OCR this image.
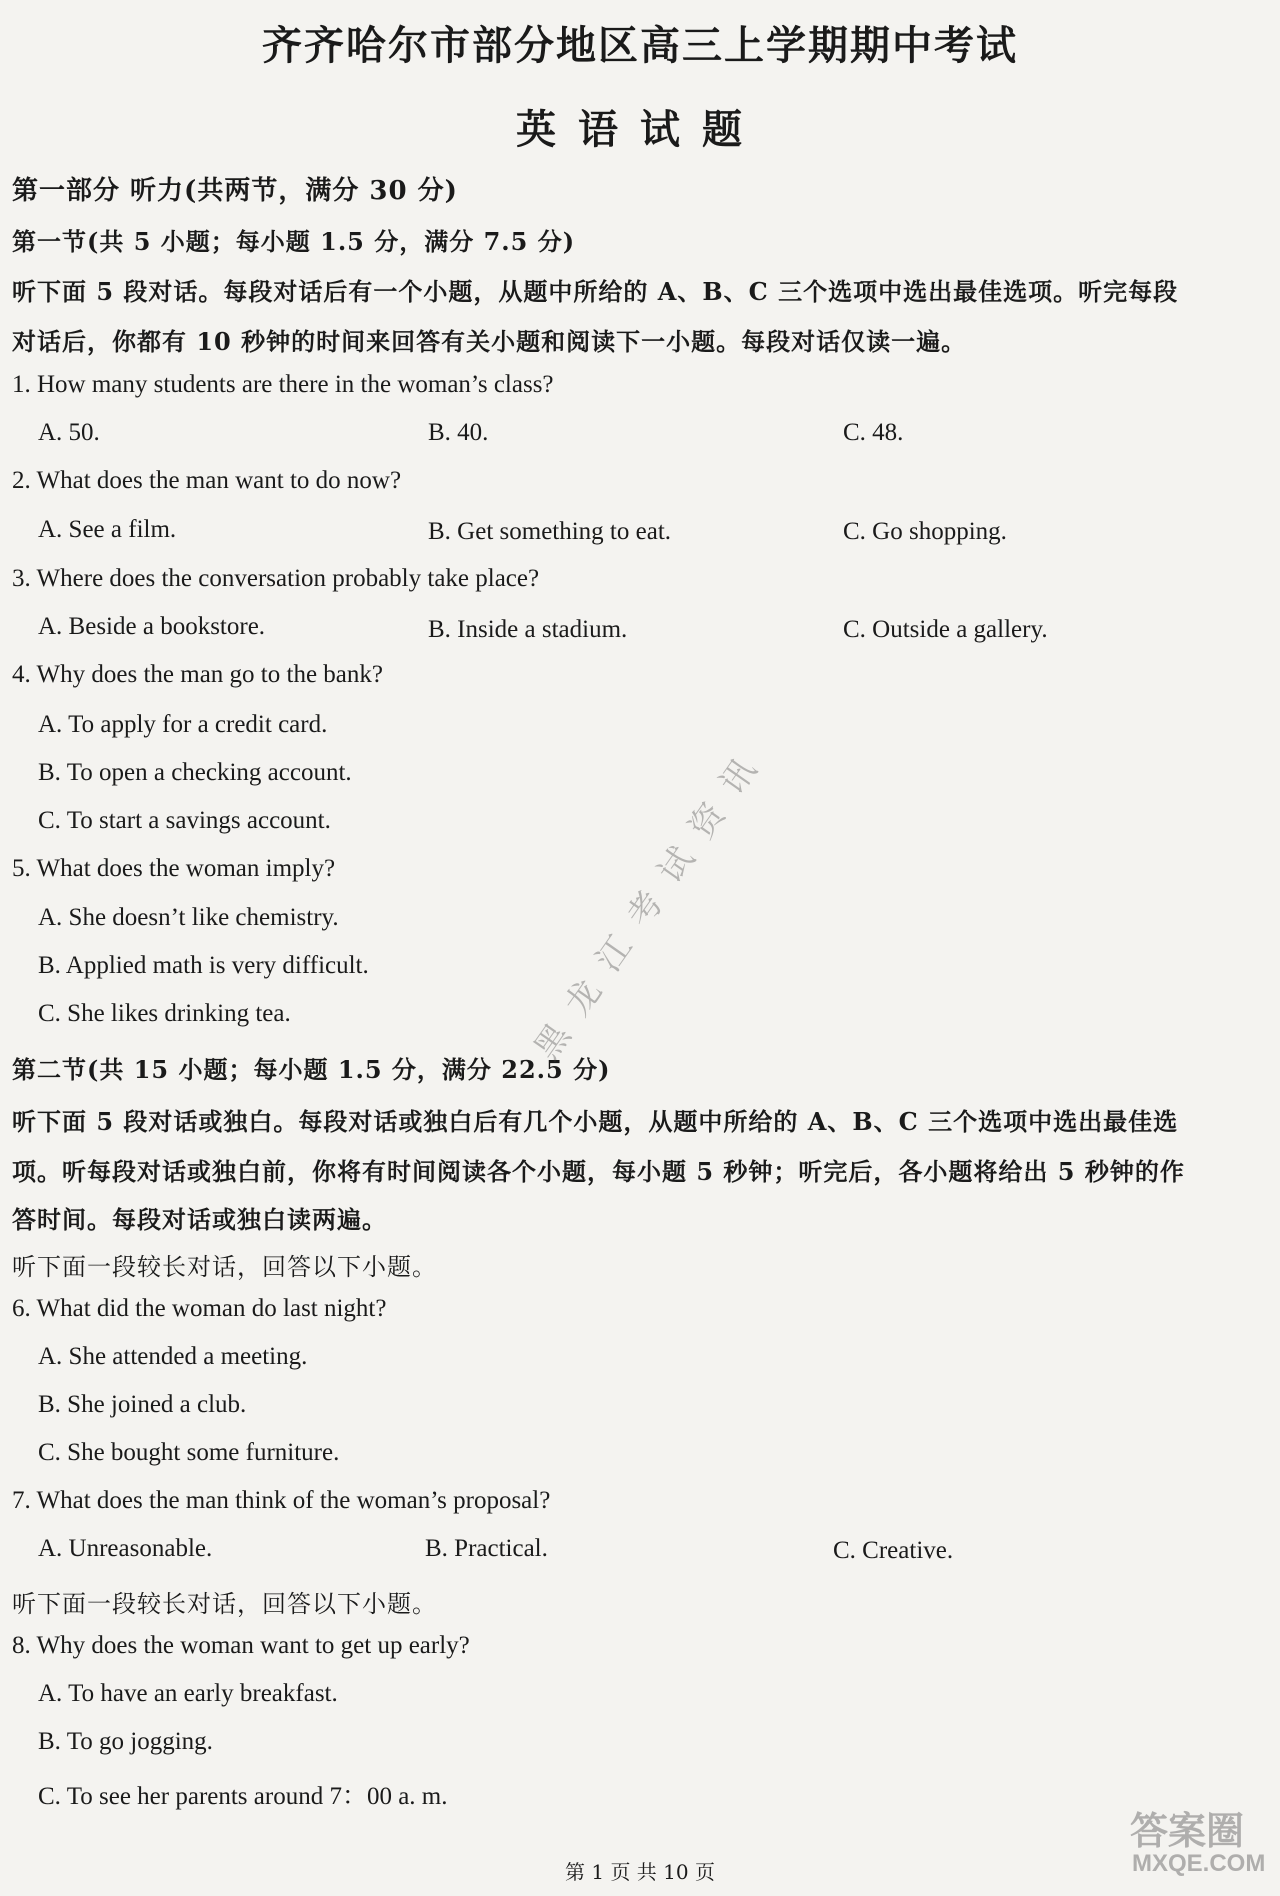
齐齐哈尔市部分地区高三上学期期中考试
英语试题
第一部分 听力(共两节，满分 30 分)
第一节(共 5 小题；每小题 1.5 分，满分 7.5 分)
听下面 5 段对话。每段对话后有一个小题，从题中所给的 A、B、C 三个选项中选出最佳选项。听完每段
对话后，你都有 10 秒钟的时间来回答有关小题和阅读下一小题。每段对话仅读一遍。
1. How many students are there in the woman’s class?
A. 50.	B. 40.	C. 48.
2. What does the man want to do now?
A. See a film.	B. Get something to eat.	C. Go shopping.
3. Where does the conversation probably take place?
A. Beside a bookstore.	B. Inside a stadium.	C. Outside a gallery.
4. Why does the man go to the bank?
A. To apply for a credit card.
B. To open a checking account.
C. To start a savings account.
5. What does the woman imply?
A. She doesn’t like chemistry.
B. Applied math is very difficult.
C. She likes drinking tea.
第二节(共 15 小题；每小题 1.5 分，满分 22.5 分)
听下面 5 段对话或独白。每段对话或独白后有几个小题，从题中所给的 A、B、C 三个选项中选出最佳选
项。听每段对话或独白前，你将有时间阅读各个小题，每小题 5 秒钟；听完后，各小题将给出 5 秒钟的作
答时间。每段对话或独白读两遍。
听下面一段较长对话，回答以下小题。
6. What did the woman do last night?
A. She attended a meeting.
B. She joined a club.
C. She bought some furniture.
7. What does the man think of the woman’s proposal?
A. Unreasonable.	B. Practical.	C. Creative.
听下面一段较长对话，回答以下小题。
8. Why does the woman want to get up early?
A. To have an early breakfast.
B. To go jogging.
C. To see her parents around 7：00 a. m.
第 1 页 共 10 页
黑龙江考试资讯
答案圈
MXQE.COM
